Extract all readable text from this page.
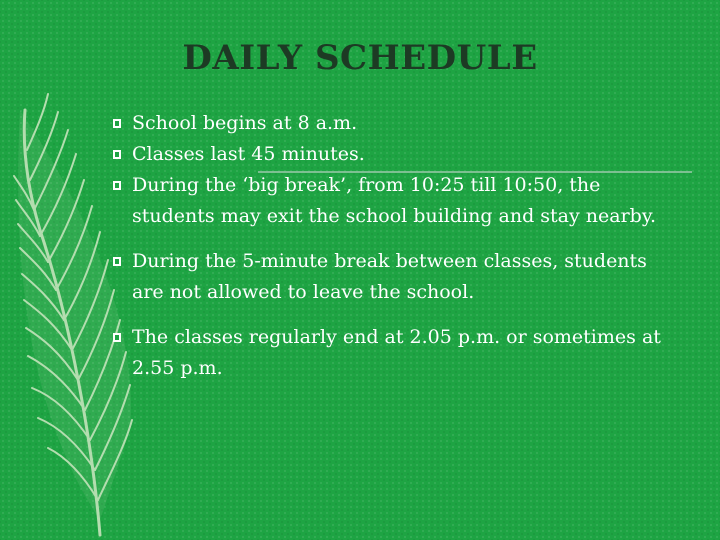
DAILY SCHEDULE
School begins at 8 a.m.
Classes last 45 minutes.
During the ‘big break’, from 10:25 till 10:50, the students may exit the school building and stay nearby.
During the 5-minute break between classes, students are not allowed to leave the school.
The classes regularly end at 2.05 p.m. or sometimes at 2.55 p.m.
